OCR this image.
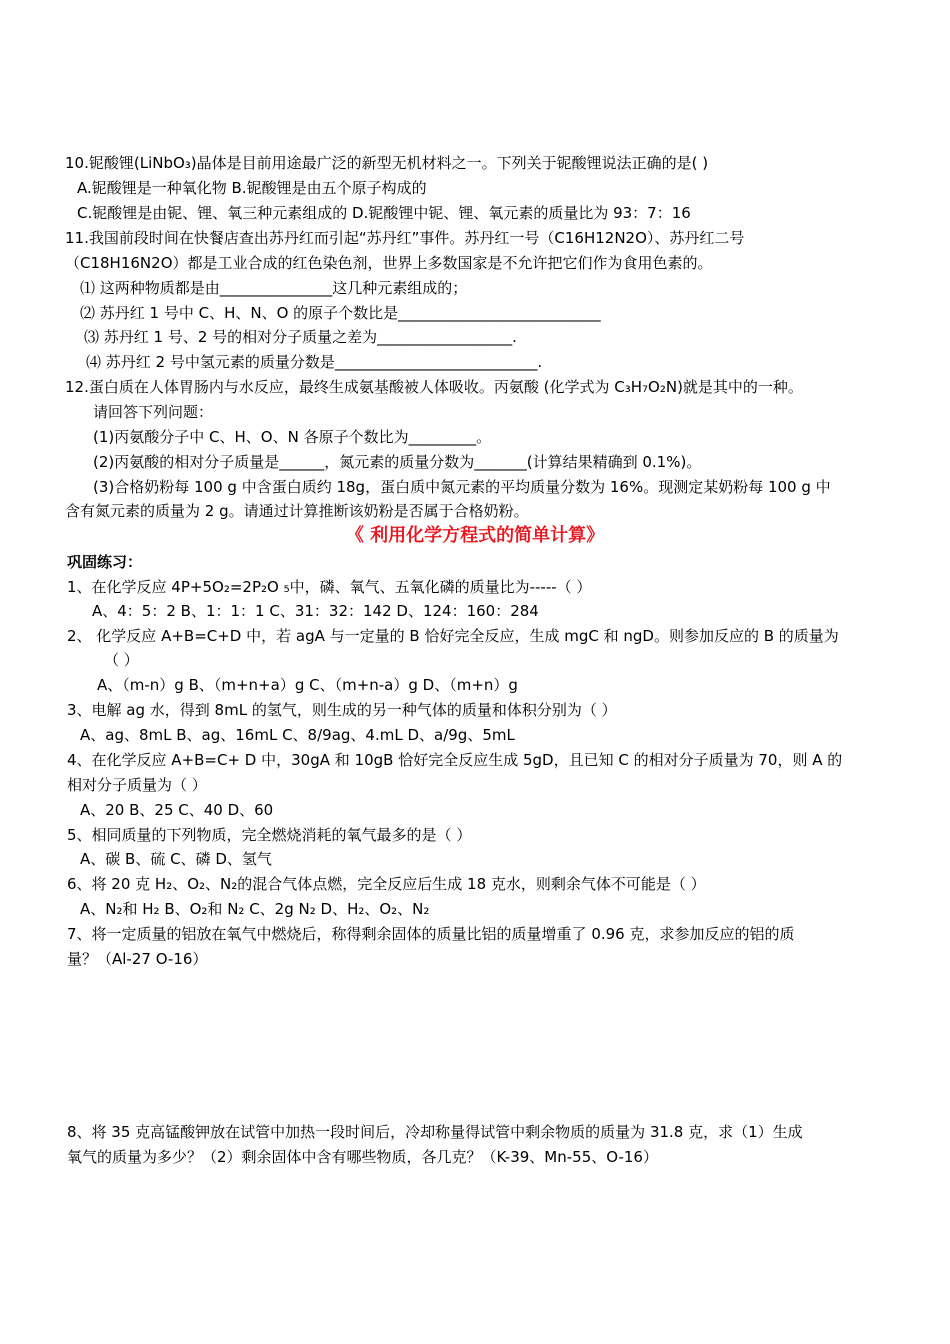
《 利用化学方程式的简单计算》
10.铌酸锂(LiNbO₃)晶体是目前用途最广泛的新型无机材料之一。下列关于铌酸锂说法正确的是( )
A.铌酸锂是一种氧化物 B.铌酸锂是由五个原子构成的
C.铌酸锂是由铌、锂、氧三种元素组成的 D.铌酸锂中铌、锂、氧元素的质量比为 93：7：16
11.我国前段时间在快餐店查出苏丹红而引起“苏丹红”事件。苏丹红一号（C16H12N2O）、苏丹红二号
（C18H16N2O）都是工业合成的红色染色剂，世界上多数国家是不允许把它们作为食用色素的。
⑴ 这两种物质都是由_______________这几种元素组成的；
⑵ 苏丹红 1 号中 C、H、N、O 的原子个数比是___________________________
⑶ 苏丹红 1 号、2 号的相对分子质量之差为__________________.
⑷ 苏丹红 2 号中氢元素的质量分数是___________________________.
12.蛋白质在人体胃肠内与水反应，最终生成氨基酸被人体吸收。丙氨酸 (化学式为 C₃H₇O₂N)就是其中的一种。
请回答下列问题：
(1)丙氨酸分子中 C、H、O、N 各原子个数比为_________。
(2)丙氨酸的相对分子质量是______，氮元素的质量分数为_______(计算结果精确到 0.1%)。
(3)合格奶粉每 100 g 中含蛋白质约 18g，蛋白质中氮元素的平均质量分数为 16%。现测定某奶粉每 100 g 中
含有氮元素的质量为 2 g。请通过计算推断该奶粉是否属于合格奶粉。
巩固练习：
1、在化学反应 4P+5O₂=2P₂O ₅中，磷、氧气、五氧化磷的质量比为-----（ ）
A、4：5：2 B、1：1：1 C、31：32：142 D、124：160：284
2、 化学反应 A+B=C+D 中，若 agA 与一定量的 B 恰好完全反应，生成 mgC 和 ngD。则参加反应的 B 的质量为
（ ）
A、（m-n）g B、（m+n+a）g C、（m+n-a）g D、（m+n）g
3、电解 ag 水，得到 8mL 的氢气，则生成的另一种气体的质量和体积分别为（ ）
A、ag、8mL B、ag、16mL C、8/9ag、4.mL D、a/9g、5mL
4、在化学反应 A+B=C+ D 中，30gA 和 10gB 恰好完全反应生成 5gD，且已知 C 的相对分子质量为 70，则 A 的
相对分子质量为（ ）
A、20 B、25 C、40 D、60
5、相同质量的下列物质，完全燃烧消耗的氧气最多的是（ ）
A、碳 B、硫 C、磷 D、氢气
6、将 20 克 H₂、O₂、N₂的混合气体点燃，完全反应后生成 18 克水，则剩余气体不可能是（ ）
A、N₂和 H₂ B、O₂和 N₂ C、2g N₂ D、H₂、O₂、N₂
7、将一定质量的铝放在氧气中燃烧后，称得剩余固体的质量比铝的质量增重了 0.96 克，求参加反应的铝的质
量？（Al-27 O-16）
8、将 35 克高锰酸钾放在试管中加热一段时间后，冷却称量得试管中剩余物质的质量为 31.8 克，求（1）生成
氧气的质量为多少？（2）剩余固体中含有哪些物质，各几克？（K-39、Mn-55、O-16）
